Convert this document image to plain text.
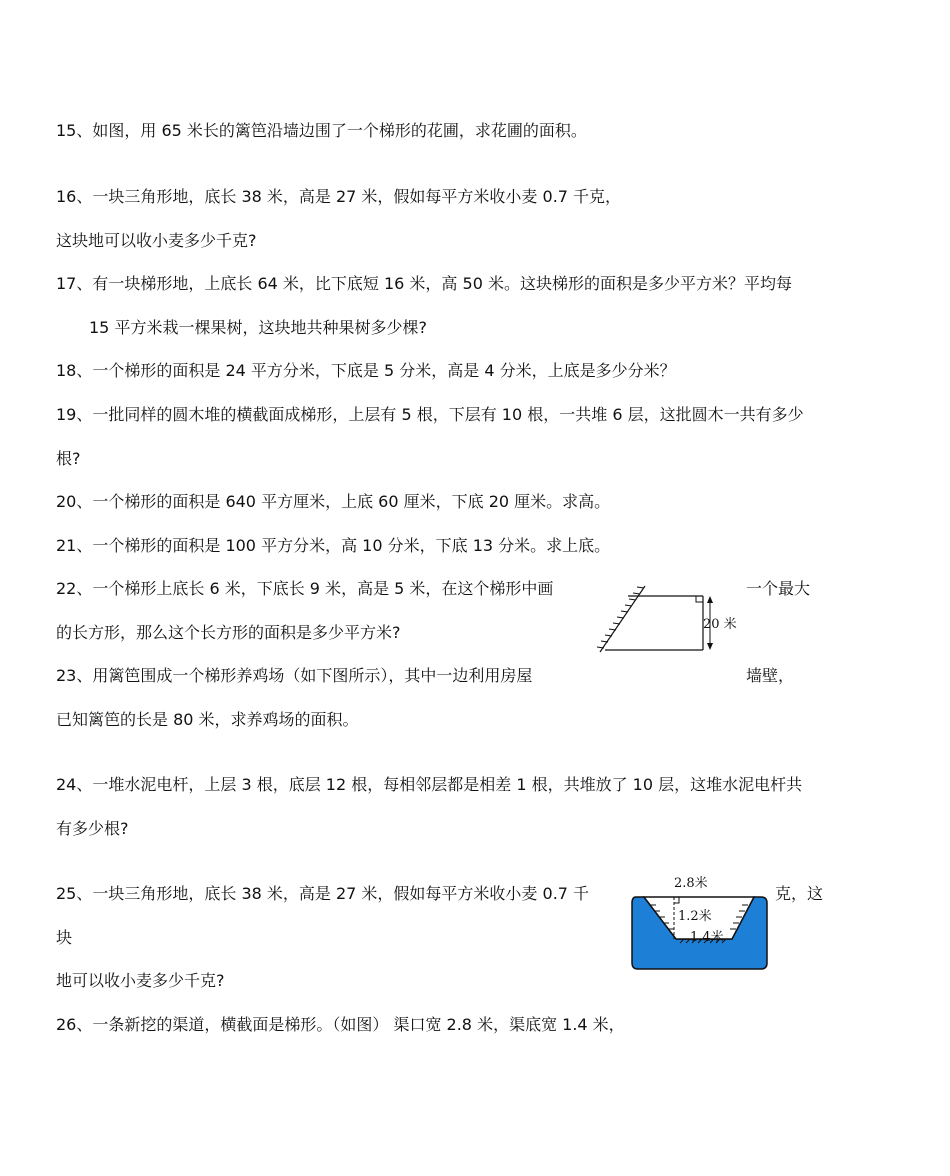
15、如图，用 65 米长的篱笆沿墙边围了一个梯形的花圃，求花圃的面积。
16、一块三角形地，底长 38 米，高是 27 米，假如每平方米收小麦 0.7 千克，
这块地可以收小麦多少千克?
17、有一块梯形地，上底长 64 米，比下底短 16 米，高 50 米。这块梯形的面积是多少平方米？平均每
15 平方米栽一棵果树，这块地共种果树多少棵?
18、一个梯形的面积是 24 平方分米，下底是 5 分米，高是 4 分米，上底是多少分米？
19、一批同样的圆木堆的横截面成梯形，上层有 5 根，下层有 10 根，一共堆 6 层，这批圆木一共有多少
根?
20、一个梯形的面积是 640 平方厘米，上底 60 厘米，下底 20 厘米。求高。
21、一个梯形的面积是 100 平方分米，高 10 分米，下底 13 分米。求上底。
22、一个梯形上底长 6 米，下底长 9 米，高是 5 米，在这个梯形中画	一个最大
的长方形，那么这个长方形的面积是多少平方米?	20 米
23、用篱笆围成一个梯形养鸡场（如下图所示），其中一边利用房屋	墙壁，
已知篱笆的长是 80 米，求养鸡场的面积。
24、一堆水泥电杆，上层 3 根，底层 12 根，每相邻层都是相差 1 根，共堆放了 10 层，这堆水泥电杆共
有多少根?
25、一块三角形地，底长 38 米，高是 27 米，假如每平方米收小麦 0.7 千	克，这
块
地可以收小麦多少千克?
2.8米
1.2米
1.4米
26、一条新挖的渠道，横截面是梯形。（如图） 渠口宽 2.8 米，渠底宽 1.4 米，
